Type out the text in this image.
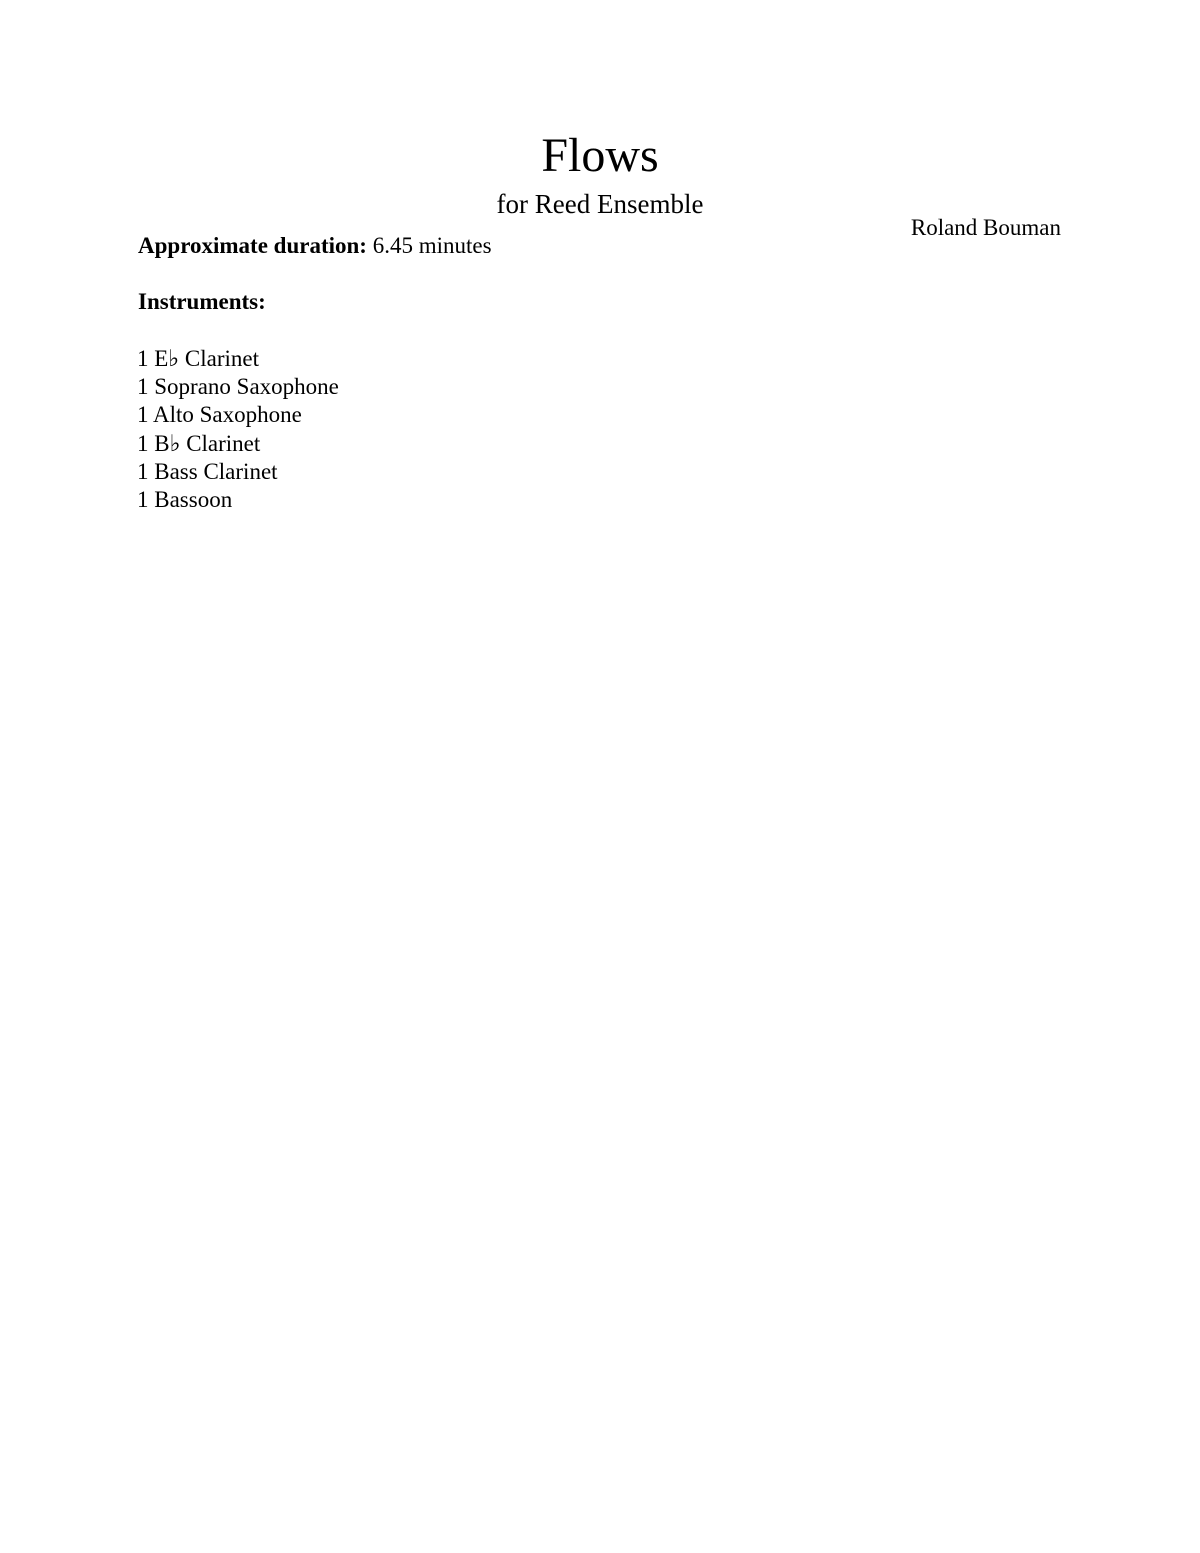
Flows
for Reed Ensemble
Roland Bouman
Approximate duration: 6.45 minutes
Instruments:
1 E♭ Clarinet
1 Soprano Saxophone
1 Alto Saxophone
1 B♭ Clarinet
1 Bass Clarinet
1 Bassoon
